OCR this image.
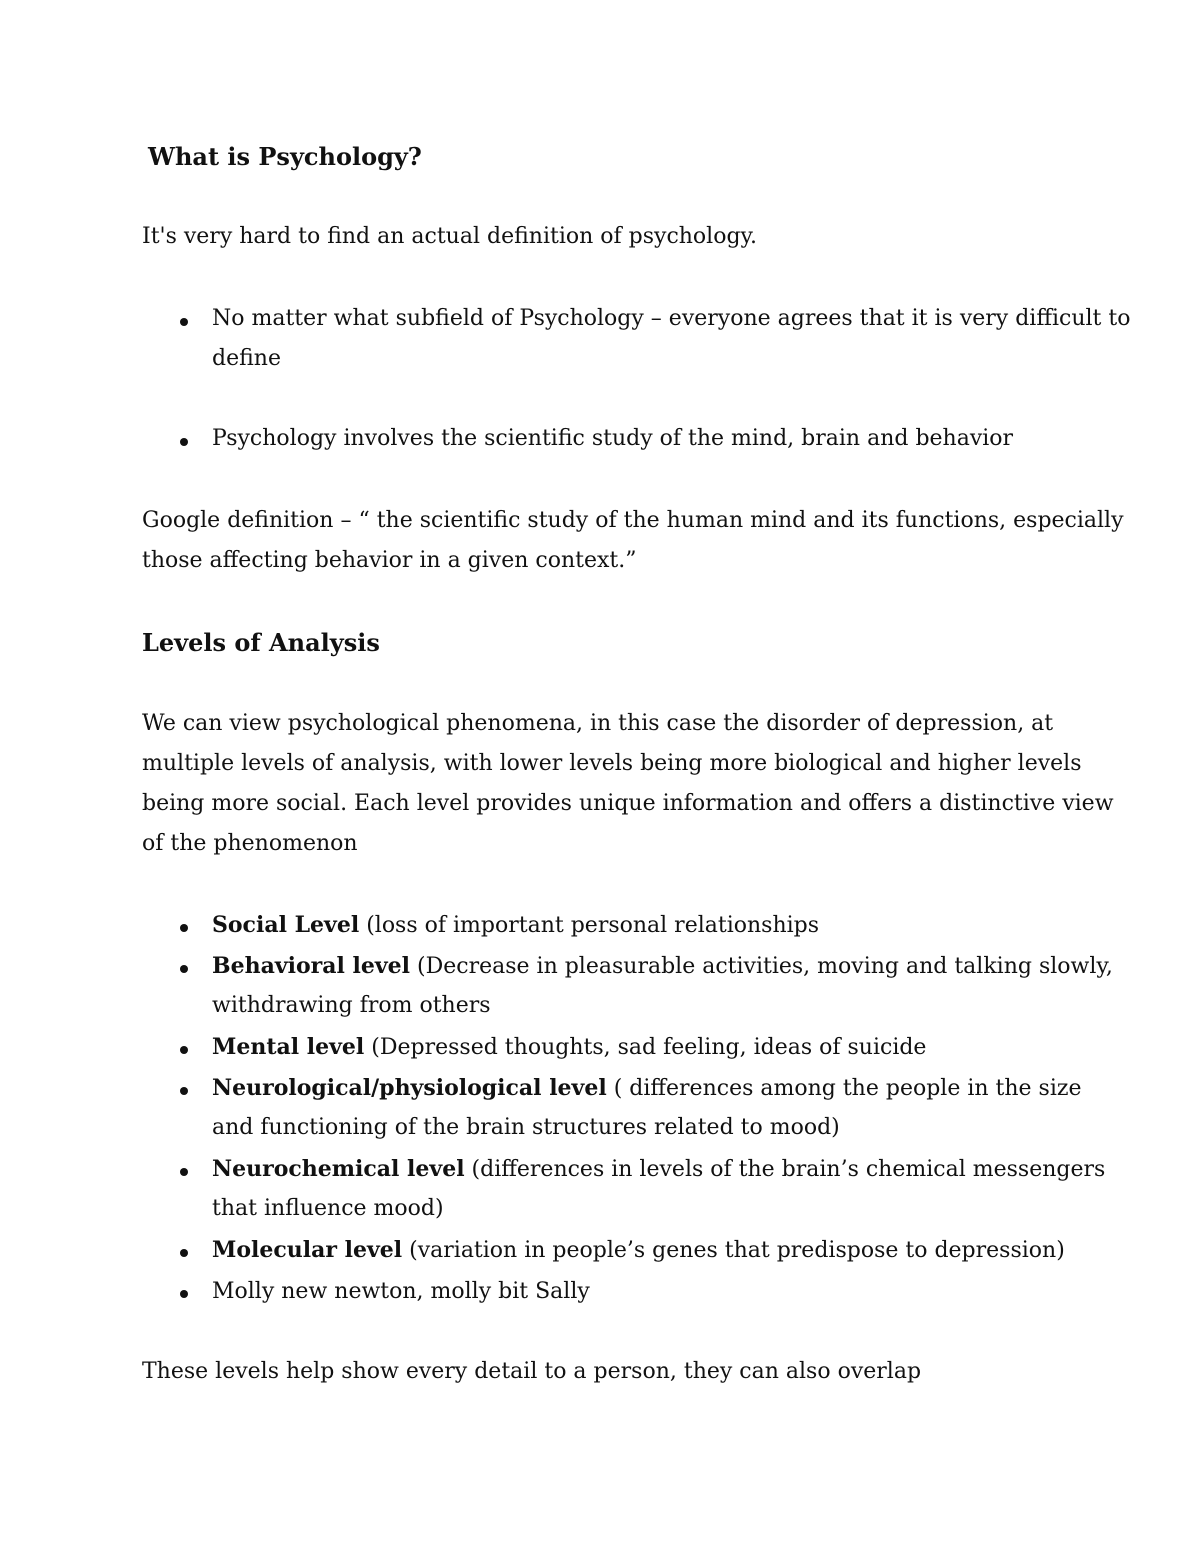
What is Psychology?

It's very hard to find an actual definition of psychology.

No matter what subfield of Psychology – everyone agrees that it is very difficult to

define

Psychology involves the scientific study of the mind, brain and behavior

Google definition – “ the scientific study of the human mind and its functions, especially

those affecting behavior in a given context.”

Levels of Analysis

We can view psychological phenomena, in this case the disorder of depression, at

multiple levels of analysis, with lower levels being more biological and higher levels

being more social. Each level provides unique information and offers a distinctive view

of the phenomenon

Social Level (loss of important personal relationships

Behavioral level (Decrease in pleasurable activities, moving and talking slowly,

withdrawing from others

Mental level (Depressed thoughts, sad feeling, ideas of suicide

Neurological/physiological level ( differences among the people in the size

and functioning of the brain structures related to mood)

Neurochemical level (differences in levels of the brain’s chemical messengers

that influence mood)

Molecular level (variation in people’s genes that predispose to depression)

Molly new newton, molly bit Sally

These levels help show every detail to a person, they can also overlap
